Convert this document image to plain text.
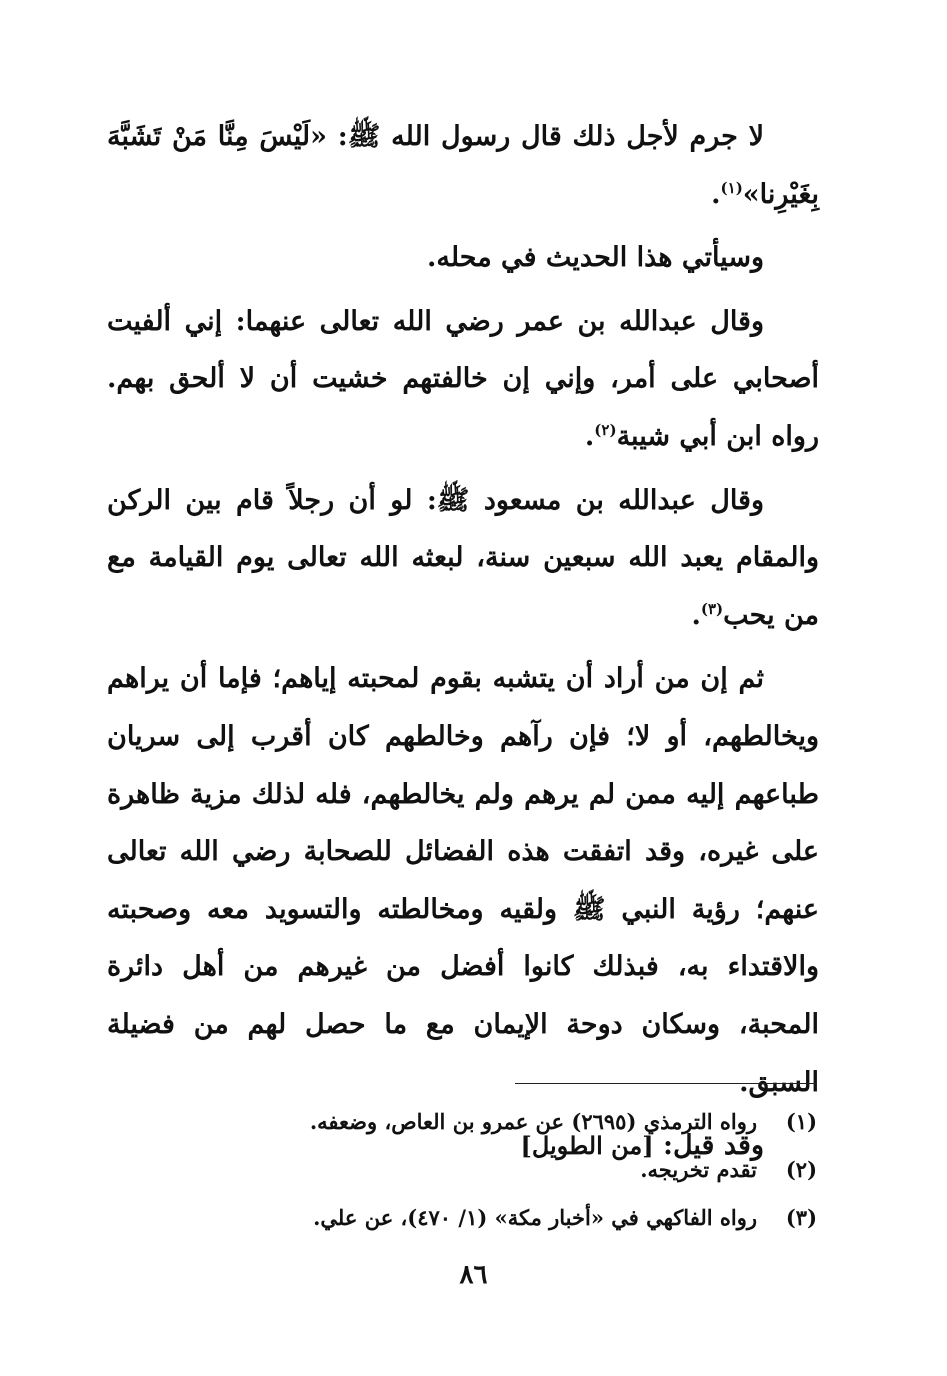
لا جرم لأجل ذلك قال رسول الله ﷺ: «لَيْسَ مِنَّا مَنْ تَشَبَّهَ بِغَيْرِنا»$^{(١)}$.

وسيأتي هذا الحديث في محله.

وقال عبدالله بن عمر رضي الله تعالى عنهما: إني ألفيت أصحابي على أمر، وإني إن خالفتهم خشيت أن لا ألحق بهم. رواه ابن أبي شيبة$^{(٢)}$.

وقال عبدالله بن مسعود ﷺ: لو أن رجلاً قام بين الركن والمقام يعبد الله سبعين سنة، لبعثه الله تعالى يوم القيامة مع من يحب$^{(٣)}$.

ثم إن من أراد أن يتشبه بقوم لمحبته إياهم؛ فإما أن يراهم ويخالطهم، أو لا؛ فإن رآهم وخالطهم كان أقرب إلى سريان طباعهم إليه ممن لم يرهم ولم يخالطهم، فله لذلك مزية ظاهرة على غيره، وقد اتفقت هذه الفضائل للصحابة رضي الله تعالى عنهم؛ رؤية النبي ﷺ ولقيه ومخالطته والتسويد معه وصحبته والاقتداء به، فبذلك كانوا أفضل من غيرهم من أهل دائرة المحبة، وسكان دوحة الإيمان مع ما حصل لهم من فضيلة السبق.

وقد قيل: [من الطويل]

(١)
رواه الترمذي (٢٦٩٥) عن عمرو بن العاص، وضعفه.
(٢)
تقدم تخريجه.
(٣)
رواه الفاكهي في «أخبار مكة» (١/ ٤٧٠)، عن علي.
٨٦
